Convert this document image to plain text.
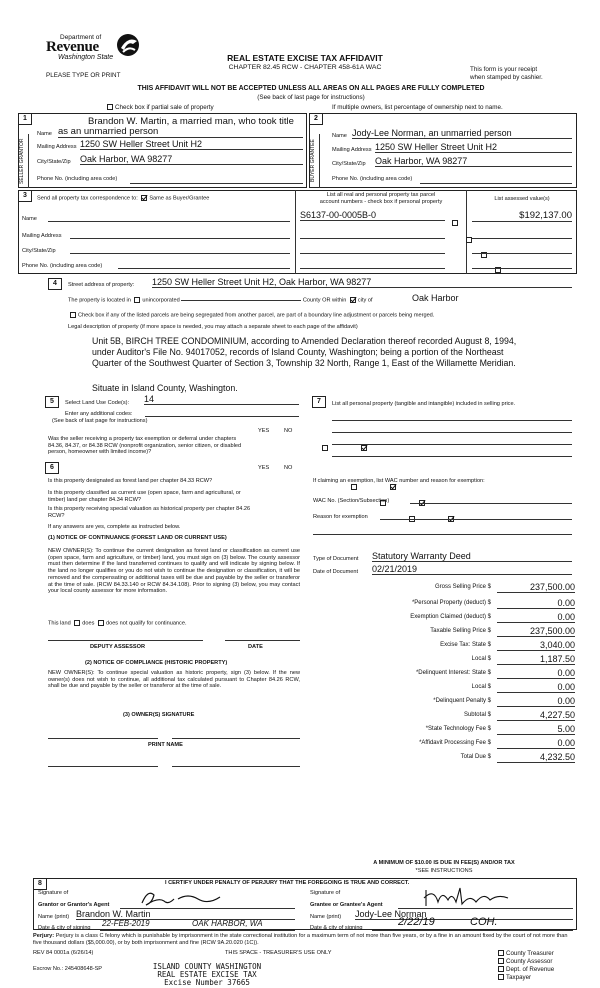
Department of
Revenue
Washington State
PLEASE TYPE OR PRINT
REAL ESTATE EXCISE TAX AFFIDAVIT
CHAPTER 82.45 RCW - CHAPTER 458-61A WAC	This form is your receipt
when stamped by cashier.
THIS AFFIDAVIT WILL NOT BE ACCEPTED UNLESS ALL AREAS ON ALL PAGES ARE FULLY COMPLETED
(See back of last page for instructions)
Check box if partial sale of property	If multiple owners, list percentage of ownership next to name.
1	2
SELLER GRANTOR	BUYER GRANTEE
Brandon W. Martin, a married man, who took title
Name as an unmarried person
Mailing Address 1250 SW Heller Street Unit H2
City/State/Zip Oak Harbor, WA 98277
Phone No. (including area code)
Name Jody-Lee Norman, an unmarried person
Mailing Address 1250 SW Heller Street Unit H2
City/State/Zip Oak Harbor, WA 98277
Phone No. (including area code)
3	Send all property tax correspondence to: Same as Buyer/Grantee
List all real and personal property tax parcel
account numbers - check box if personal property	List assessed value(s)
Name
Mailing Address
City/State/Zip
Phone No. (including area code)
S6137-00-0005B-0
	$192,137.00

4	Street address of property: 1250 SW Heller Street Unit H2, Oak Harbor, WA 98277
The property is located in unincorporated	County OR within city of	Oak Harbor
Check box if any of the listed parcels are being segregated from another parcel, are part of a boundary line adjustment or parcels being merged.
Legal description of property (if more space is needed, you may attach a separate sheet to each page of the affidavit)
Unit 5B, BIRCH TREE CONDOMINIUM, according to Amended Declaration thereof recorded August 8, 1994,
under Auditor's File No. 94017052, records of Island County, Washington; being a portion of the Northeast
Quarter of the Southwest Quarter of Section 3, Township 32 North, Range 1, East of the Willamette Meridian.
Situate in Island County, Washington.
5	Select Land Use Code(s): 14
Enter any additional codes:
(See back of last page for instructions)
YES	NO
Was the seller receiving a property tax exemption or deferral under chapters 84.36, 84.37, or 84.38 RCW (nonprofit organization, senior citizen, or disabled person, homeowner with limited income)?

6	YES	NO
Is this property designated as forest land per chapter 84.33 RCW?

Is this property classified as current use (open space, farm and agricultural, or timber) land per chapter 84.34 RCW?

Is this property receiving special valuation as historical property per chapter 84.26 RCW?

If any answers are yes, complete as instructed below.
(1) NOTICE OF CONTINUANCE (FOREST LAND OR CURRENT USE)
NEW OWNER(S): To continue the current designation as forest land or classification as current use (open space, farm and agriculture, or timber) land, you must sign on (3) below. The county assessor must then determine if the land transferred continues to qualify and will indicate by signing below. If the land no longer qualifies or you do not wish to continue the designation or classification, it will be removed and the compensating or additional taxes will be due and payable by the seller or transferor at the time of sale. (RCW 84.33.140 or RCW 84.34.108). Prior to signing (3) below, you may contact your local county assessor for more information.
This land does does not qualify for continuance.
DEPUTY ASSESSOR	DATE
(2) NOTICE OF COMPLIANCE (HISTORIC PROPERTY)
NEW OWNER(S): To continue special valuation as historic property, sign (3) below. If the new owner(s) does not wish to continue, all additional tax calculated pursuant to Chapter 84.26 RCW, shall be due and payable by the seller or transferor at the time of sale.
(3) OWNER(S) SIGNATURE
PRINT NAME
7	List all personal property (tangible and intangible) included in selling price.
If claiming an exemption, list WAC number and reason for exemption:
WAC No. (Section/Subsection)
Reason for exemption
Type of Document Statutory Warranty Deed
Date of Document 02/21/2019
Gross Selling Price $	237,500.00
*Personal Property (deduct) $	0.00
Exemption Claimed (deduct) $	0.00
Taxable Selling Price $	237,500.00
Excise Tax: State $	3,040.00
Local $	1,187.50
*Delinquent Interest: State $	0.00
Local $	0.00
*Delinquent Penalty $	0.00
Subtotal $	4,227.50
*State Technology Fee $	5.00
*Affidavit Processing Fee $	0.00
Total Due $	4,232.50
A MINIMUM OF $10.00 IS DUE IN FEE(S) AND/OR TAX
*SEE INSTRUCTIONS
8	I CERTIFY UNDER PENALTY OF PERJURY THAT THE FOREGOING IS TRUE AND CORRECT.
Signature of
Grantor or Grantor's Agent
Name (print) Brandon W. Martin
Date & city of signing 22-FEB-2019	OAK HARBOR, WA
Signature of
Grantee or Grantee's Agent
Name (print) Jody-Lee Norman
Date & city of signing	2/22/19	COH.
Perjury: Perjury is a class C felony which is punishable by imprisonment in the state correctional institution for a maximum term of not more than five years, or by a fine in an amount fixed by the court of not more than five thousand dollars ($5,000.00), or by both imprisonment and fine (RCW 9A.20.020 (1C)).
REV 84 0001a (6/26/14)	THIS SPACE - TREASURER'S USE ONLY
Escrow No.: 245408648-SP	ISLAND COUNTY WASHINGTON
REAL ESTATE EXCISE TAX
Excise Number 37665
County Treasurer
County Assessor
Dept. of Revenue
Taxpayer
